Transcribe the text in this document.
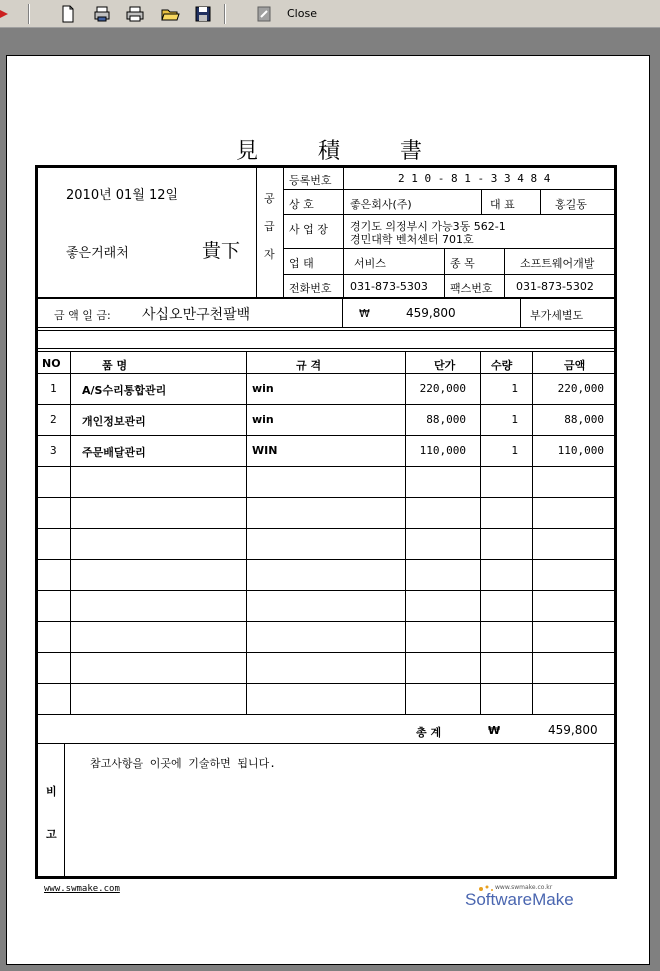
Close
見	積	書
2010년 01월 12일
좋은거래처	貴下
공
급
자
등록번호	2 1 0 - 8 1 - 3 3 4 8 4
상 호	좋은회사(주)	대 표	홍길동
사 업 장 경기도 의정부시 가능3동 562-1
경민대학 벤처센터 701호
업 태	서비스	종 목	소프트웨어개발
전화번호 031-873-5303 팩스번호 031-873-5302
금 액 일 금: 사십오만구천팔백	₩	459,800	부가세별도
NO	품 명	규 격	단가	수량	금액
1 A/S수리통합관리	win	220,000	1	220,000
2 개인정보관리	win	88,000	1	88,000
3 주문배달관리	WIN	110,000	1	110,000
총 계	₩	459,800
비
고
참고사항을 이곳에 기술하면 됩니다.
www.swmake.com	www.swmake.co.kr
SoftwareMake
